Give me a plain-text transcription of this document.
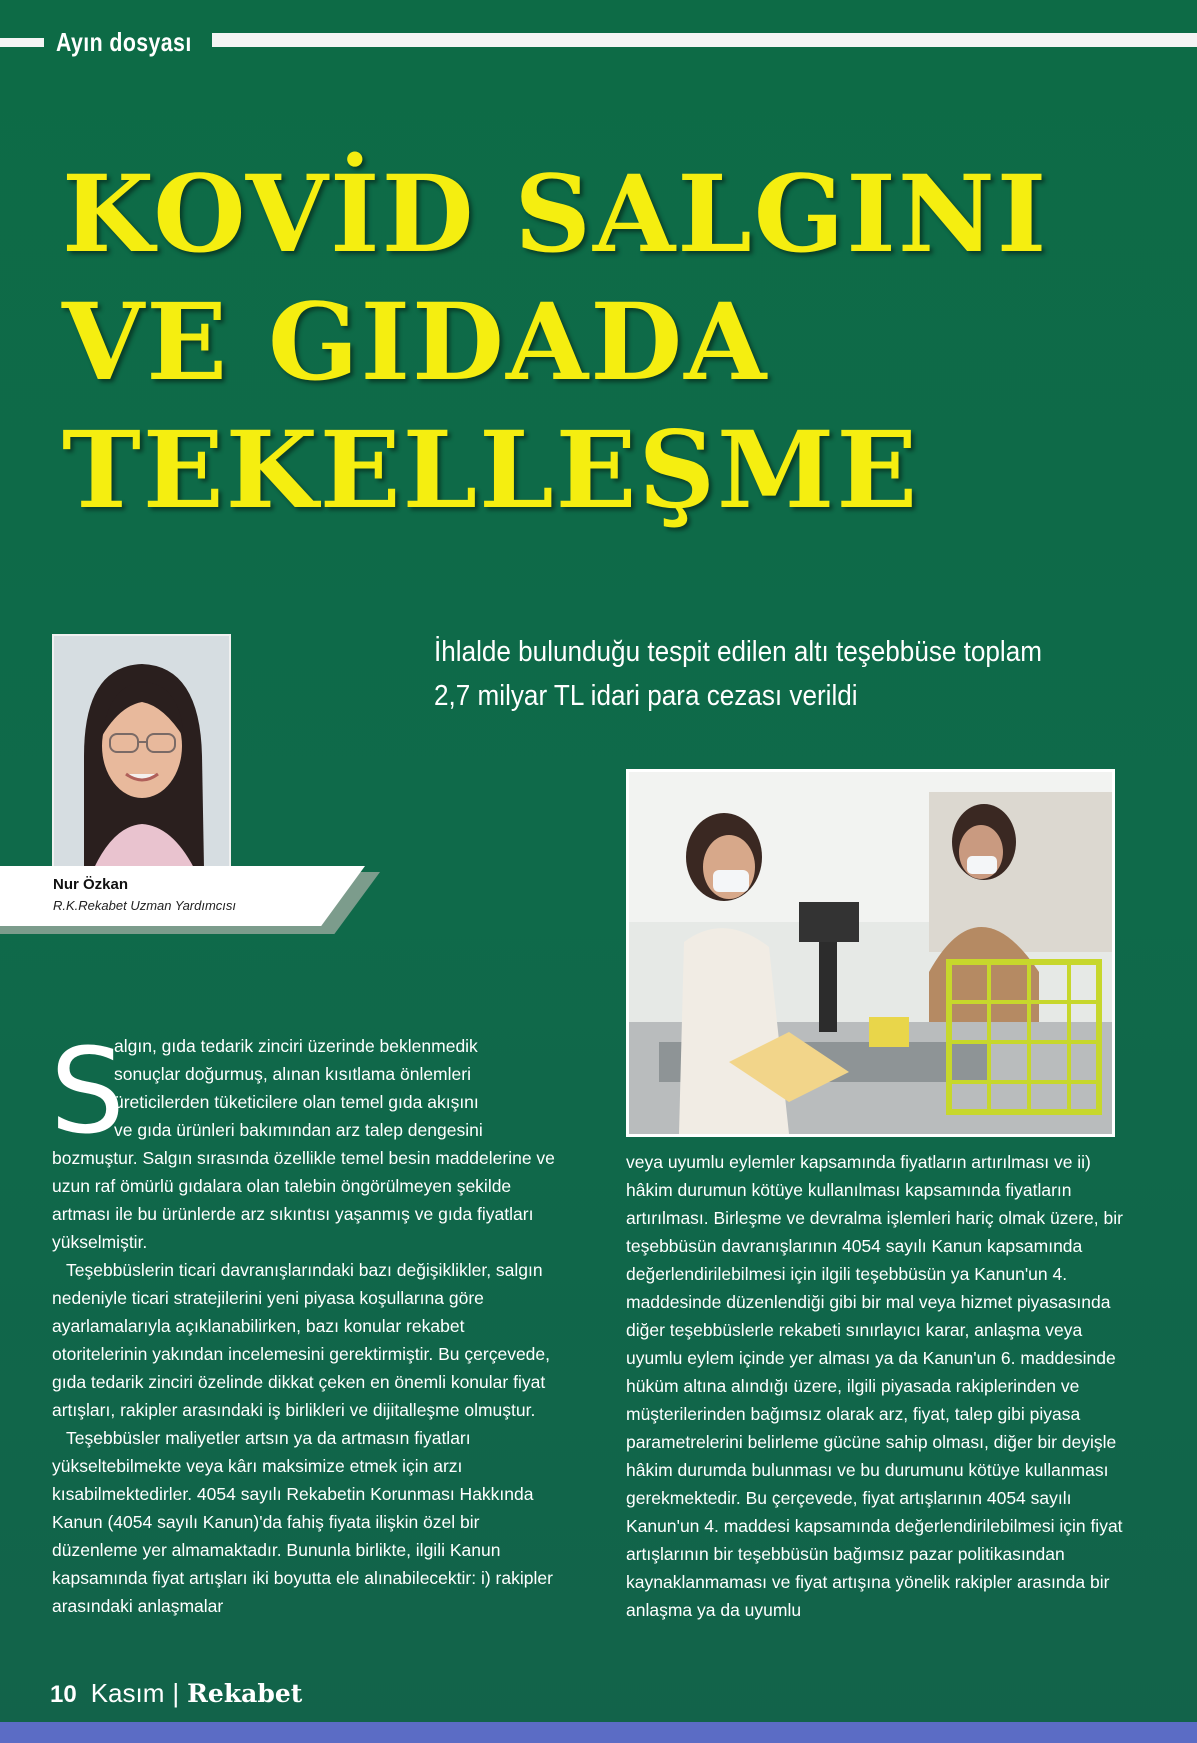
Ayın dosyası
KOVİD SALGINI
VE GIDADA
TEKELLEŞME
Nur Özkan
R.K.Rekabet Uzman Yardımcısı

İhlalde bulunduğu tespit edilen altı teşebbüse toplam 2,7 milyar TL idari para cezası verildi

S

algın, gıda tedarik zinciri üzerinde beklenmedik

sonuçlar doğurmuş, alınan kısıtlama önlemleri

üreticilerden tüketicilere olan temel gıda akışını

ve gıda ürünleri bakımından arz talep dengesini

bozmuştur. Salgın sırasında özellikle temel besin maddelerine ve uzun raf ömürlü gıdalara olan talebin öngörülmeyen şekilde artması ile bu ürünlerde arz sıkıntısı yaşanmış ve gıda fiyatları yükselmiştir.

Teşebbüslerin ticari davranışlarındaki bazı değişiklikler, salgın nedeniyle ticari stratejilerini yeni piyasa koşullarına göre ayarlamalarıyla açıklanabilirken, bazı konular rekabet otoritelerinin yakından incelemesini gerektirmiştir. Bu çerçevede, gıda tedarik zinciri özelinde dikkat çeken en önemli konular fiyat artışları, rakipler arasındaki iş birlikleri ve dijitalleşme olmuştur.

Teşebbüsler maliyetler artsın ya da artmasın fiyatları yükseltebilmekte veya kârı maksimize etmek için arzı kısabilmektedirler. 4054 sayılı Rekabetin Korunması Hakkında Kanun (4054 sayılı Kanun)'da fahiş fiyata ilişkin özel bir düzenleme yer almamaktadır. Bununla birlikte, ilgili Kanun kapsamında fiyat artışları iki boyutta ele alınabilecektir: i) rakipler arasındaki anlaşmalar

veya uyumlu eylemler kapsamında fiyatların artırılması ve ii) hâkim durumun kötüye kullanılması kapsamında fiyatların artırılması. Birleşme ve devralma işlemleri hariç olmak üzere, bir teşebbüsün davranışlarının 4054 sayılı Kanun kapsamında değerlendirilebilmesi için ilgili teşebbüsün ya Kanun'un 4. maddesinde düzenlendiği gibi bir mal veya hizmet piyasasında diğer teşebbüslerle rekabeti sınırlayıcı karar, anlaşma veya uyumlu eylem içinde yer alması ya da Kanun'un 6. maddesinde hüküm altına alındığı üzere, ilgili piyasada rakiplerinden ve müşterilerinden bağımsız olarak arz, fiyat, talep gibi piyasa parametrelerini belirleme gücüne sahip olması, diğer bir deyişle hâkim durumda bulunması ve bu durumunu kötüye kullanması gerekmektedir. Bu çerçevede, fiyat artışlarının 4054 sayılı Kanun'un 4. maddesi kapsamında değerlendirilebilmesi için fiyat artışlarının bir teşebbüsün bağımsız pazar politikasından kaynaklanmaması ve fiyat artışına yönelik rakipler arasında bir anlaşma ya da uyumlu

10 Kasım | Rekabet
